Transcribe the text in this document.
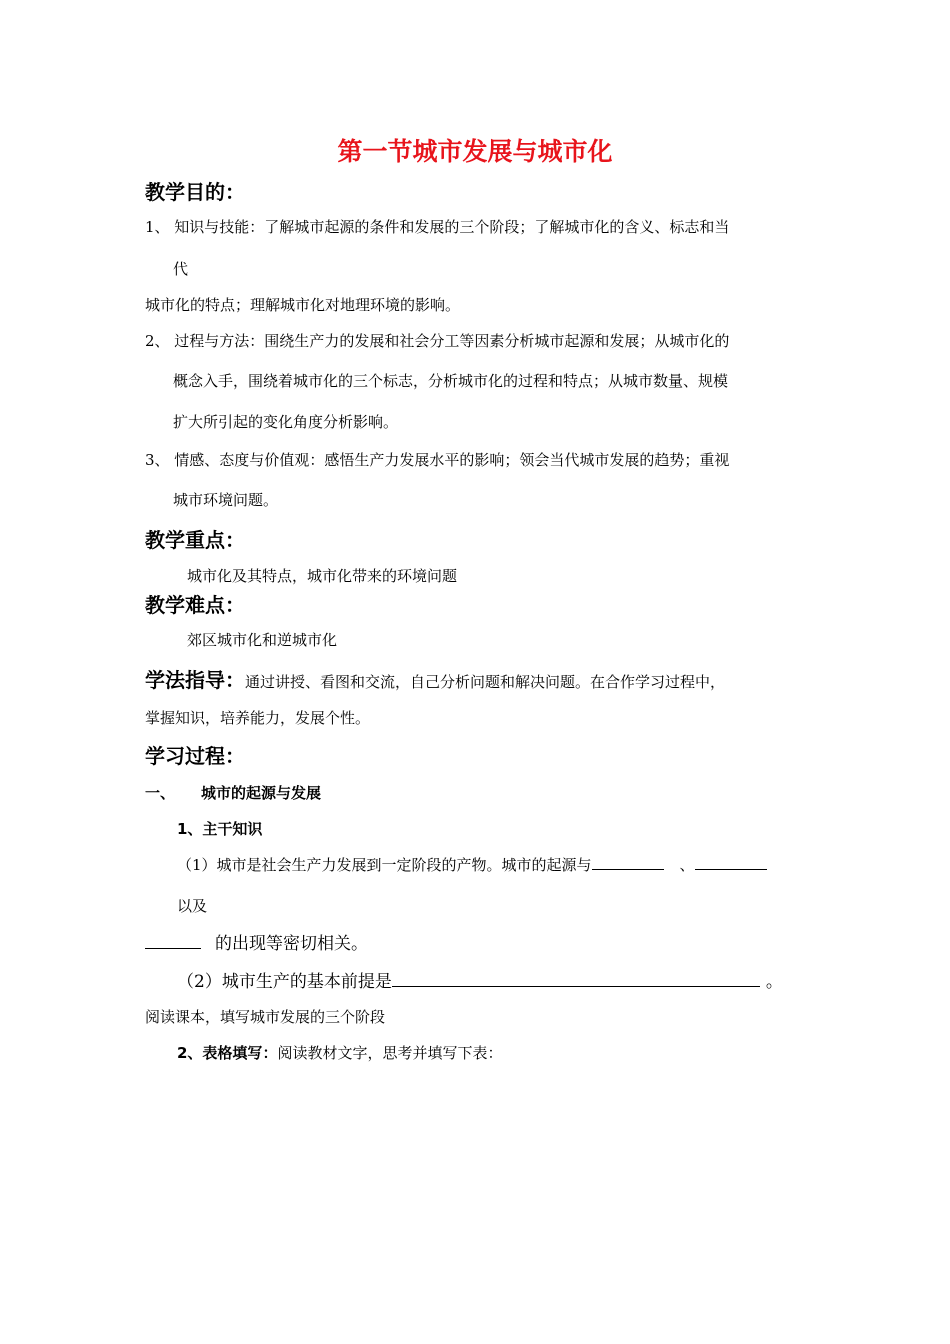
第一节城市发展与城市化
教学目的：
1、 知识与技能：了解城市起源的条件和发展的三个阶段；了解城市化的含义、标志和当
代
城市化的特点；理解城市化对地理环境的影响。
2、 过程与方法：围绕生产力的发展和社会分工等因素分析城市起源和发展；从城市化的
概念入手，围绕着城市化的三个标志，分析城市化的过程和特点；从城市数量、规模
扩大所引起的变化角度分析影响。
3、 情感、态度与价值观：感悟生产力发展水平的影响；领会当代城市发展的趋势；重视
城市环境问题。
教学重点：
城市化及其特点，城市化带来的环境问题
教学难点：
郊区城市化和逆城市化
学法指导：通过讲授、看图和交流，自己分析问题和解决问题。在合作学习过程中，
掌握知识，培养能力，发展个性。
学习过程：
一、 城市的起源与发展
1、主干知识
（1）城市是社会生产力发展到一定阶段的产物。城市的起源与	、
以及
的出现等密切相关。
（2）城市生产的基本前提是	。
阅读课本，填写城市发展的三个阶段
2、表格填写：阅读教材文字，思考并填写下表：
